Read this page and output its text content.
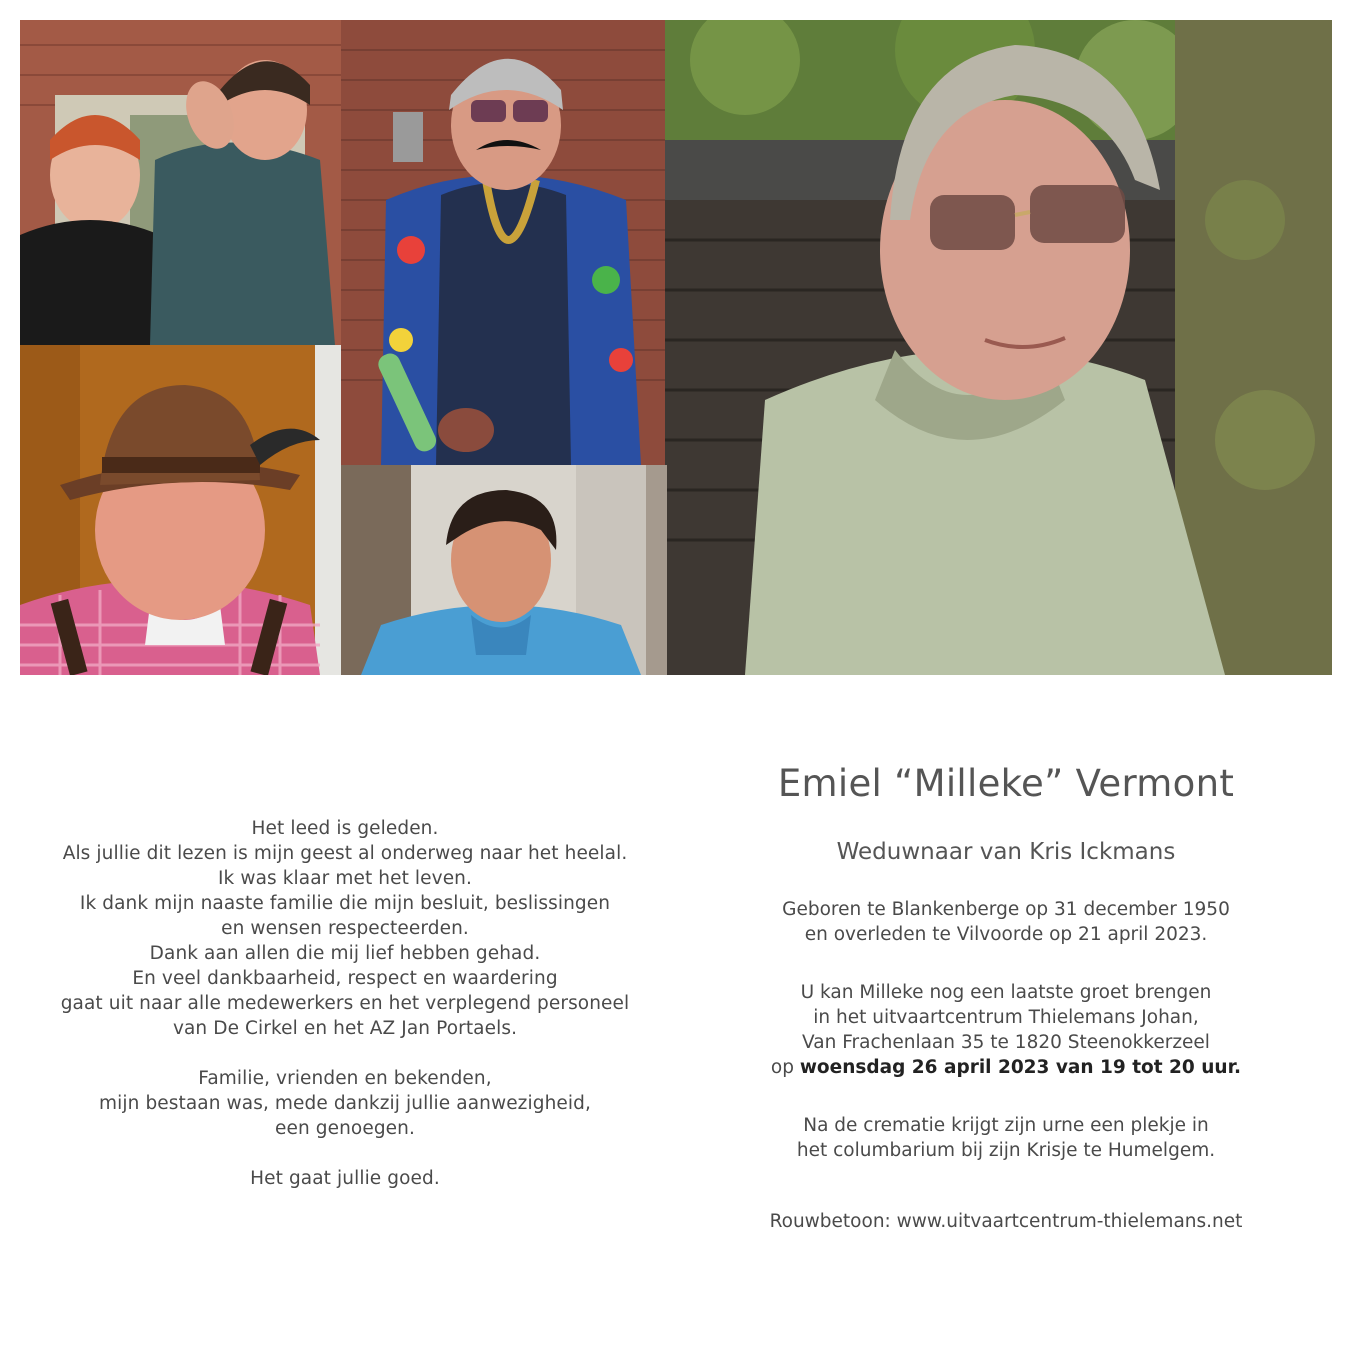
Het leed is geleden.
Als jullie dit lezen is mijn geest al onderweg naar het heelal.
Ik was klaar met het leven.
Ik dank mijn naaste familie die mijn besluit, beslissingen
en wensen respecteerden.
Dank aan allen die mij lief hebben gehad.
En veel dankbaarheid, respect en waardering
gaat uit naar alle medewerkers en het verplegend personeel
van De Cirkel en het AZ Jan Portaels.
Familie, vrienden en bekenden,
mijn bestaan was, mede dankzij jullie aanwezigheid,
een genoegen.
Het gaat jullie goed.
Emiel “Milleke” Vermont
Weduwnaar van Kris Ickmans
Geboren te Blankenberge op 31 december 1950
en overleden te Vilvoorde op 21 april 2023.
U kan Milleke nog een laatste groet brengen
in het uitvaartcentrum Thielemans Johan,
Van Frachenlaan 35 te 1820 Steenokkerzeel
op woensdag 26 april 2023 van 19 tot 20 uur.
Na de crematie krijgt zijn urne een plekje in
het columbarium bij zijn Krisje te Humelgem.
Rouwbetoon: www.uitvaartcentrum-thielemans.net
